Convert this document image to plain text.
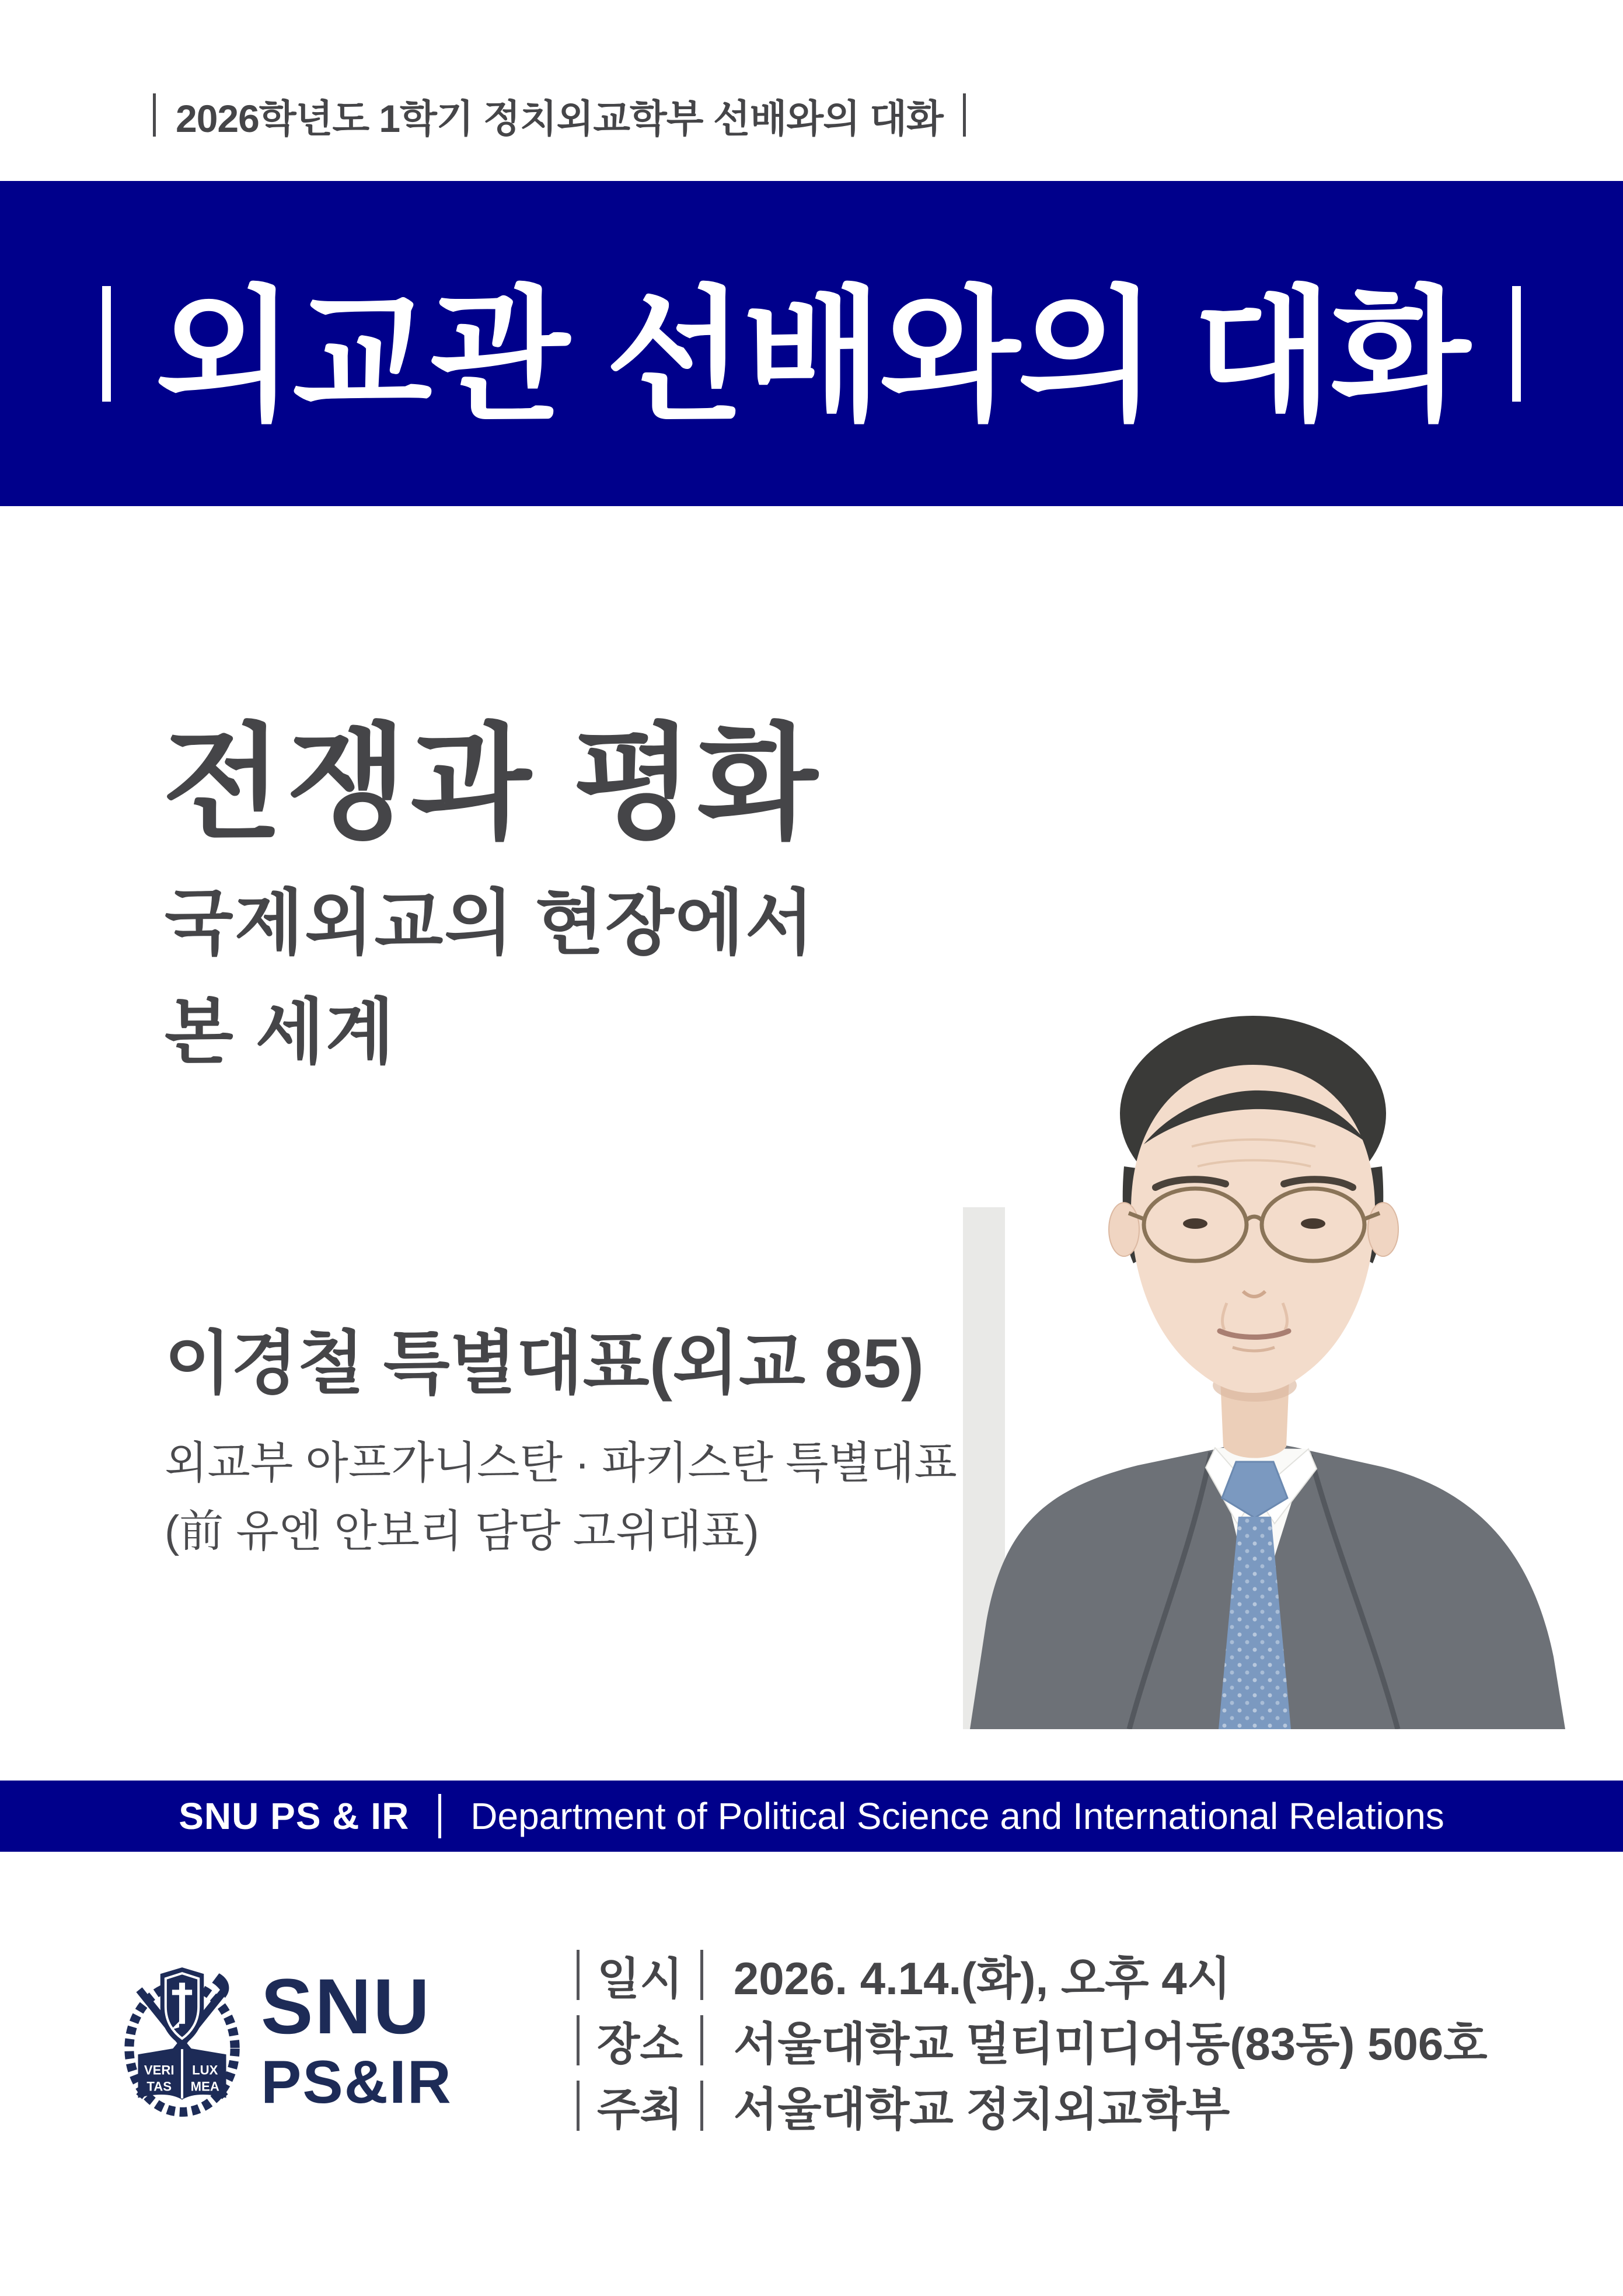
2026학년도 1학기 정치외교학부 선배와의 대화
외교관 선배와의 대화
전쟁과 평화
국제외교의 현장에서
본 세계
이경철 특별대표(외교 85)
외교부 아프가니스탄 · 파키스탄 특별대표
(前 유엔 안보리 담당 고위대표)
SNU PS & IR Department of Political Science and International Relations
VERI LUX
TAS MEA
SNU
PS&IR
일시 2026. 4.14.(화), 오후 4시
장소 서울대학교 멀티미디어동(83동) 506호
주최 서울대학교 정치외교학부
